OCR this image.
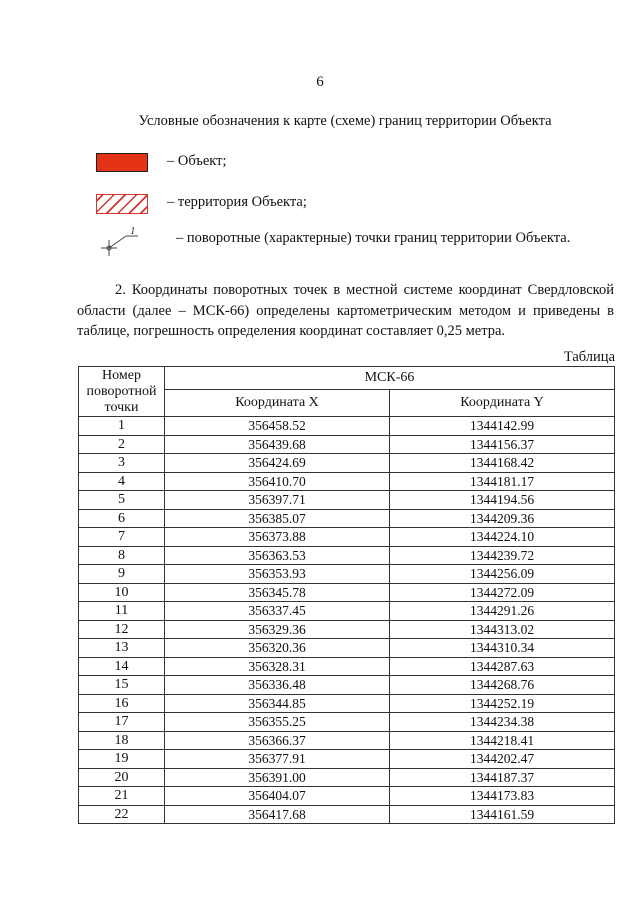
6
Условные обозначения к карте (схеме) границ территории Объекта
– Объект;
– территория Объекта;
1	– поворотные (характерные) точки границ территории Объекта.
2. Координаты поворотных точек в местной системе координат Свердловской области (далее – МСК-66) определены картометрическим методом и приведены в таблице, погрешность определения координат составляет 0,25 метра.
Таблица
Номер поворотной точки	МСК-66	
	Координата X	Координата Y
1	356458.52	1344142.99
2	356439.68	1344156.37
3	356424.69	1344168.42
4	356410.70	1344181.17
5	356397.71	1344194.56
6	356385.07	1344209.36
7	356373.88	1344224.10
8	356363.53	1344239.72
9	356353.93	1344256.09
10	356345.78	1344272.09
11	356337.45	1344291.26
12	356329.36	1344313.02
13	356320.36	1344310.34
14	356328.31	1344287.63
15	356336.48	1344268.76
16	356344.85	1344252.19
17	356355.25	1344234.38
18	356366.37	1344218.41
19	356377.91	1344202.47
20	356391.00	1344187.37
21	356404.07	1344173.83
22	356417.68	1344161.59
